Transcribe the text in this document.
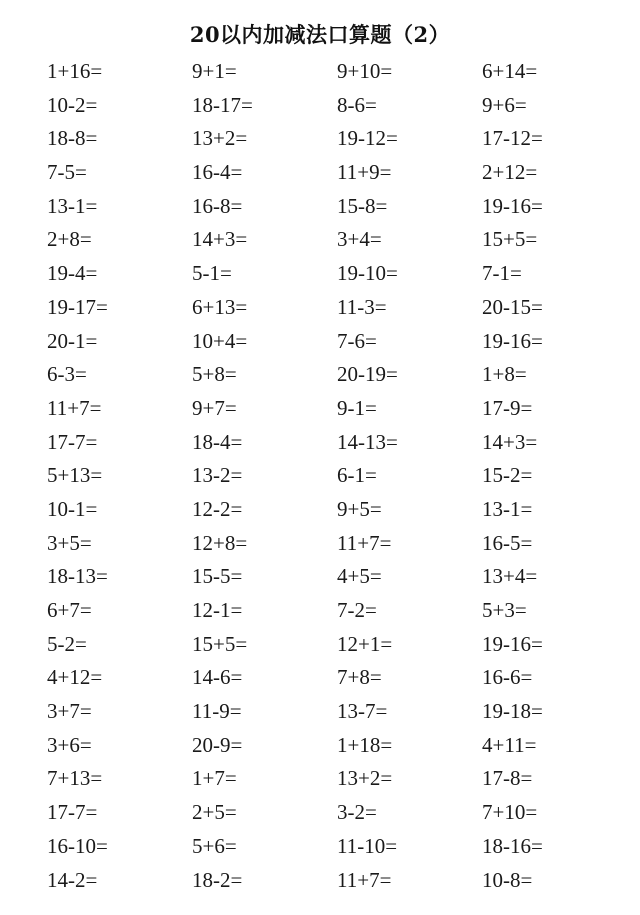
20以内加减法口算题（2）
1+16=	9+1=	9+10=	6+14=
10-2=	18-17=	8-6=	9+6=
18-8=	13+2=	19-12=	17-12=
7-5=	16-4=	11+9=	2+12=
13-1=	16-8=	15-8=	19-16=
2+8=	14+3=	3+4=	15+5=
19-4=	5-1=	19-10=	7-1=
19-17=	6+13=	11-3=	20-15=
20-1=	10+4=	7-6=	19-16=
6-3=	5+8=	20-19=	1+8=
11+7=	9+7=	9-1=	17-9=
17-7=	18-4=	14-13=	14+3=
5+13=	13-2=	6-1=	15-2=
10-1=	12-2=	9+5=	13-1=
3+5=	12+8=	11+7=	16-5=
18-13=	15-5=	4+5=	13+4=
6+7=	12-1=	7-2=	5+3=
5-2=	15+5=	12+1=	19-16=
4+12=	14-6=	7+8=	16-6=
3+7=	11-9=	13-7=	19-18=
3+6=	20-9=	1+18=	4+11=
7+13=	1+7=	13+2=	17-8=
17-7=	2+5=	3-2=	7+10=
16-10=	5+6=	11-10=	18-16=
14-2=	18-2=	11+7=	10-8=
